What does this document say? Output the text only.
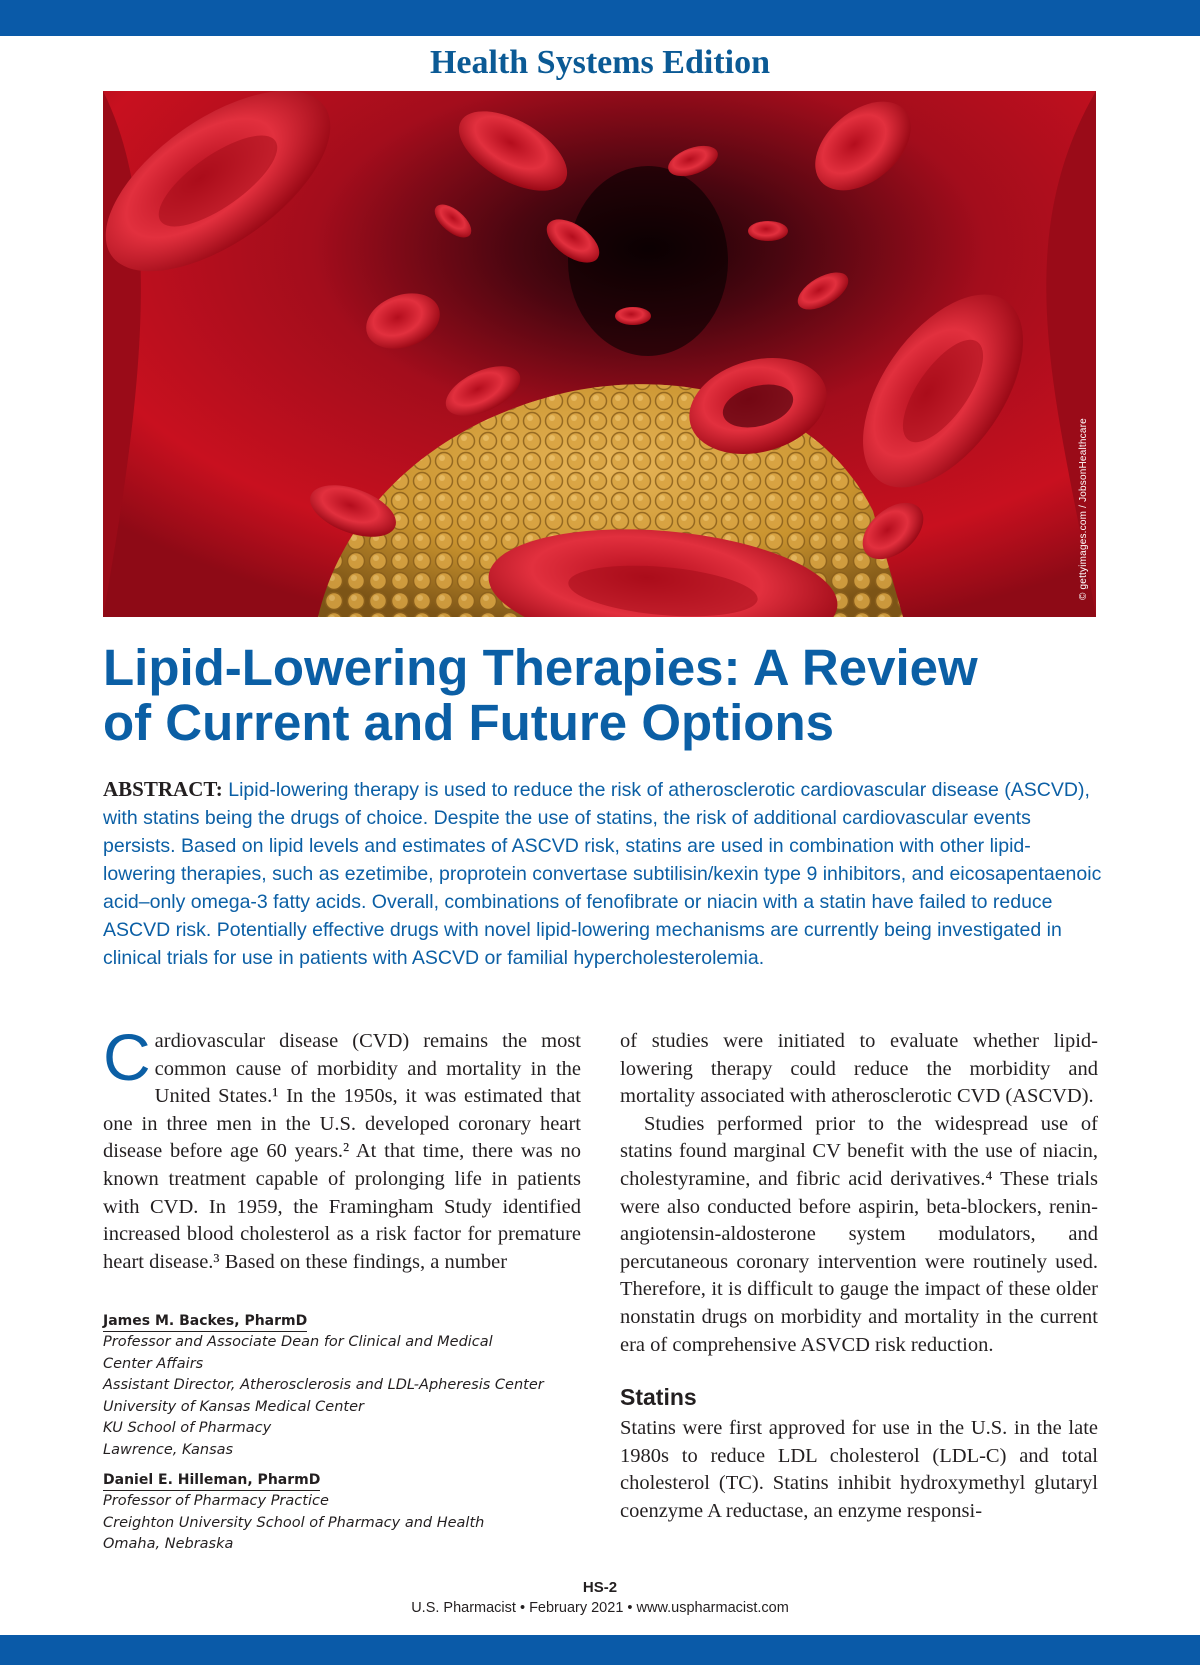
Health Systems Edition
© gettyimages.com / JobsonHealthcare
Lipid-Lowering Therapies: A Review
of Current and Future Options
ABSTRACT: Lipid-lowering therapy is used to reduce the risk of atherosclerotic cardiovascular disease (ASCVD), with statins being the drugs of choice. Despite the use of statins, the risk of additional cardiovascular events persists. Based on lipid levels and estimates of ASCVD risk, statins are used in combination with other lipid-lowering therapies, such as ezetimibe, proprotein convertase subtilisin/kexin type 9 inhibitors, and eicosapentaenoic acid–only omega-3 fatty acids. Overall, combinations of fenofibrate or niacin with a statin have failed to reduce ASCVD risk. Potentially effective drugs with novel lipid-lowering mechanisms are currently being investigated in clinical trials for use in patients with ASCVD or familial hypercholesterolemia.

C ardiovascular disease (CVD) remains the most common cause of morbidity and mortality in the United States.¹ In the 1950s, it was estimated that one in three men in the U.S. developed coronary heart disease before age 60 years.² At that time, there was no known treatment capable of prolonging life in patients with CVD. In 1959, the Framingham Study identified increased blood cholesterol as a risk factor for premature heart disease.³ Based on these findings, a number

James M. Backes, PharmD
Professor and Associate Dean for Clinical and Medical
Center Affairs
Assistant Director, Atherosclerosis and LDL-Apheresis Center
University of Kansas Medical Center
KU School of Pharmacy
Lawrence, Kansas
Daniel E. Hilleman, PharmD
Professor of Pharmacy Practice
Creighton University School of Pharmacy and Health
Omaha, Nebraska

of studies were initiated to evaluate whether lipid-lowering therapy could reduce the morbidity and mortality associated with atherosclerotic CVD (ASCVD).

Studies performed prior to the widespread use of statins found marginal CV benefit with the use of niacin, cholestyramine, and fibric acid derivatives.⁴ These trials were also conducted before aspirin, beta-blockers, renin-angiotensin-aldosterone system modulators, and percutaneous coronary intervention were routinely used. Therefore, it is difficult to gauge the impact of these older nonstatin drugs on morbidity and mortality in the current era of comprehensive ASVCD risk reduction.

Statins

Statins were first approved for use in the U.S. in the late 1980s to reduce LDL cholesterol (LDL-C) and total cholesterol (TC). Statins inhibit hydroxymethyl glutaryl coenzyme A reductase, an enzyme responsi-

HS-2
U.S. Pharmacist • February 2021 • www.uspharmacist.com
